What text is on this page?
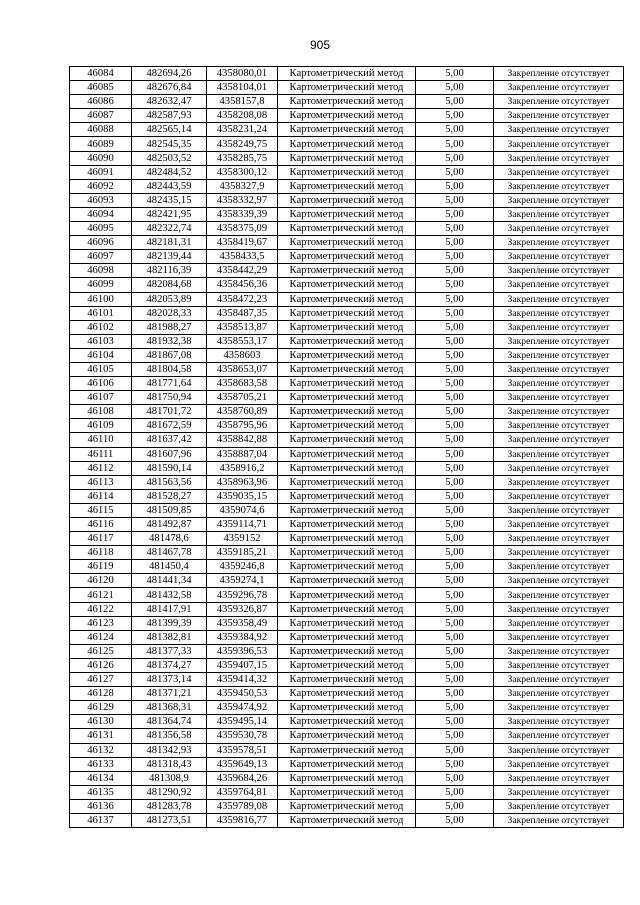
905
46084	482694,26	4358080,01	Картометрический метод	5,00	Закрепление отсутствует
46085	482676,84	4358104,01	Картометрический метод	5,00	Закрепление отсутствует
46086	482632,47	4358157,8	Картометрический метод	5,00	Закрепление отсутствует
46087	482587,93	4358208,08	Картометрический метод	5,00	Закрепление отсутствует
46088	482565,14	4358231,24	Картометрический метод	5,00	Закрепление отсутствует
46089	482545,35	4358249,75	Картометрический метод	5,00	Закрепление отсутствует
46090	482503,52	4358285,75	Картометрический метод	5,00	Закрепление отсутствует
46091	482484,52	4358300,12	Картометрический метод	5,00	Закрепление отсутствует
46092	482443,59	4358327,9	Картометрический метод	5,00	Закрепление отсутствует
46093	482435,15	4358332,97	Картометрический метод	5,00	Закрепление отсутствует
46094	482421,95	4358339,39	Картометрический метод	5,00	Закрепление отсутствует
46095	482322,74	4358375,09	Картометрический метод	5,00	Закрепление отсутствует
46096	482181,31	4358419,67	Картометрический метод	5,00	Закрепление отсутствует
46097	482139,44	4358433,5	Картометрический метод	5,00	Закрепление отсутствует
46098	482116,39	4358442,29	Картометрический метод	5,00	Закрепление отсутствует
46099	482084,68	4358456,36	Картометрический метод	5,00	Закрепление отсутствует
46100	482053,89	4358472,23	Картометрический метод	5,00	Закрепление отсутствует
46101	482028,33	4358487,35	Картометрический метод	5,00	Закрепление отсутствует
46102	481988,27	4358513,87	Картометрический метод	5,00	Закрепление отсутствует
46103	481932,38	4358553,17	Картометрический метод	5,00	Закрепление отсутствует
46104	481867,08	4358603	Картометрический метод	5,00	Закрепление отсутствует
46105	481804,58	4358653,07	Картометрический метод	5,00	Закрепление отсутствует
46106	481771,64	4358683,58	Картометрический метод	5,00	Закрепление отсутствует
46107	481750,94	4358705,21	Картометрический метод	5,00	Закрепление отсутствует
46108	481701,72	4358760,89	Картометрический метод	5,00	Закрепление отсутствует
46109	481672,59	4358795,96	Картометрический метод	5,00	Закрепление отсутствует
46110	481637,42	4358842,88	Картометрический метод	5,00	Закрепление отсутствует
46111	481607,96	4358887,04	Картометрический метод	5,00	Закрепление отсутствует
46112	481590,14	4358916,2	Картометрический метод	5,00	Закрепление отсутствует
46113	481563,56	4358963,96	Картометрический метод	5,00	Закрепление отсутствует
46114	481528,27	4359035,15	Картометрический метод	5,00	Закрепление отсутствует
46115	481509,85	4359074,6	Картометрический метод	5,00	Закрепление отсутствует
46116	481492,87	4359114,71	Картометрический метод	5,00	Закрепление отсутствует
46117	481478,6	4359152	Картометрический метод	5,00	Закрепление отсутствует
46118	481467,78	4359185,21	Картометрический метод	5,00	Закрепление отсутствует
46119	481450,4	4359246,8	Картометрический метод	5,00	Закрепление отсутствует
46120	481441,34	4359274,1	Картометрический метод	5,00	Закрепление отсутствует
46121	481432,58	4359296,78	Картометрический метод	5,00	Закрепление отсутствует
46122	481417,91	4359326,87	Картометрический метод	5,00	Закрепление отсутствует
46123	481399,39	4359358,49	Картометрический метод	5,00	Закрепление отсутствует
46124	481382,81	4359384,92	Картометрический метод	5,00	Закрепление отсутствует
46125	481377,33	4359396,53	Картометрический метод	5,00	Закрепление отсутствует
46126	481374,27	4359407,15	Картометрический метод	5,00	Закрепление отсутствует
46127	481373,14	4359414,32	Картометрический метод	5,00	Закрепление отсутствует
46128	481371,21	4359450,53	Картометрический метод	5,00	Закрепление отсутствует
46129	481368,31	4359474,92	Картометрический метод	5,00	Закрепление отсутствует
46130	481364,74	4359495,14	Картометрический метод	5,00	Закрепление отсутствует
46131	481356,58	4359530,78	Картометрический метод	5,00	Закрепление отсутствует
46132	481342,93	4359578,51	Картометрический метод	5,00	Закрепление отсутствует
46133	481318,43	4359649,13	Картометрический метод	5,00	Закрепление отсутствует
46134	481308,9	4359684,26	Картометрический метод	5,00	Закрепление отсутствует
46135	481290,92	4359764,81	Картометрический метод	5,00	Закрепление отсутствует
46136	481283,78	4359789,08	Картометрический метод	5,00	Закрепление отсутствует
46137	481273,51	4359816,77	Картометрический метод	5,00	Закрепление отсутствует
